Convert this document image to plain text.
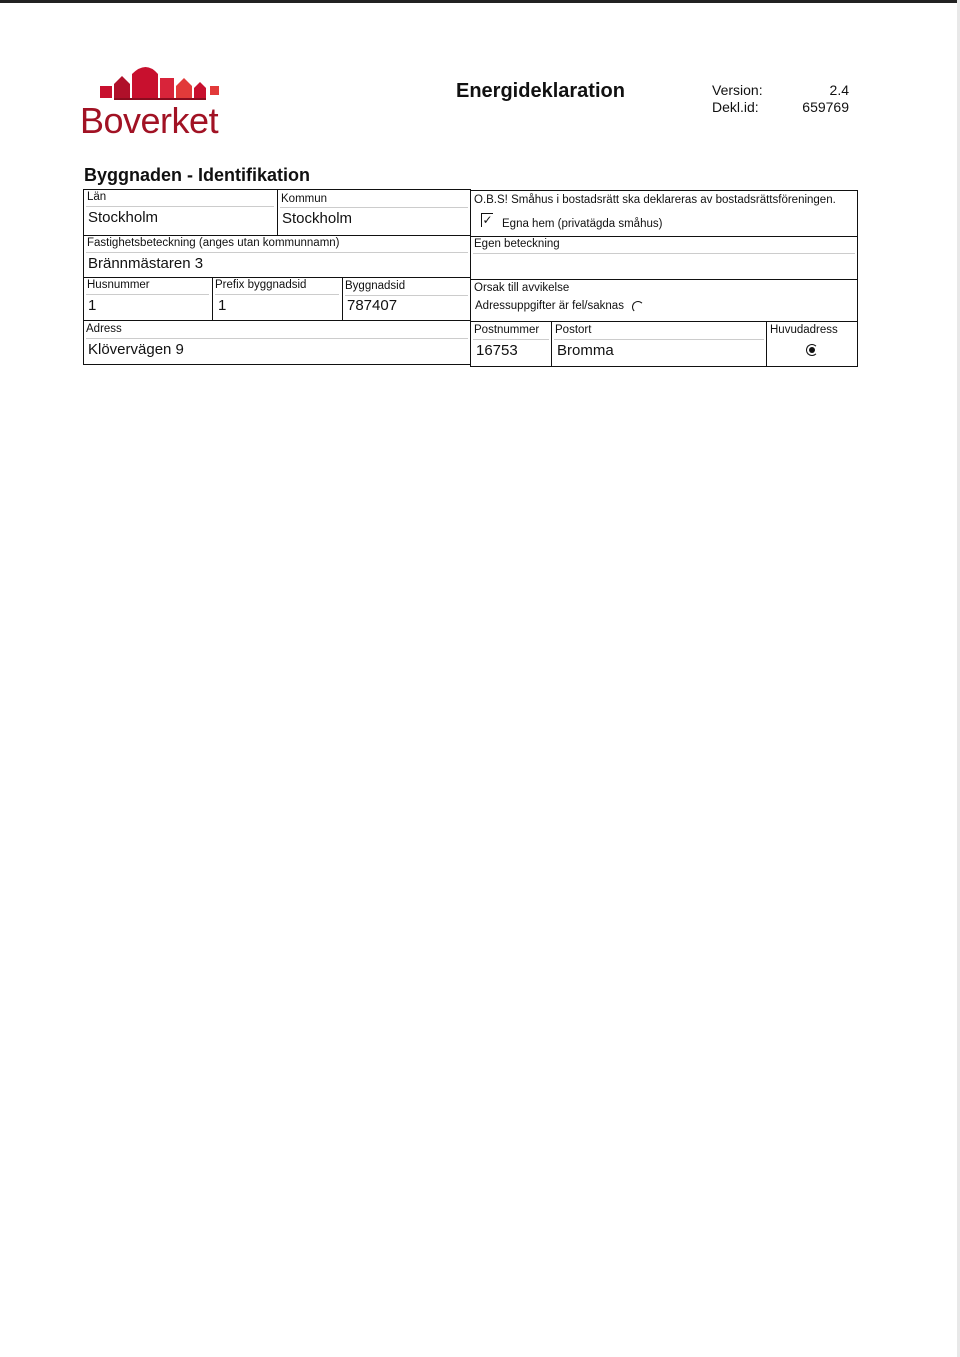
Boverket
Energideklaration	Version:	2.4
Dekl.id:	659769
Byggnaden - Identifikation
Län
Stockholm
Kommun
Stockholm
Fastighetsbeteckning (anges utan kommunnamn)
Brännmästaren 3
Husnummer
1
Prefix byggnadsid
1
Byggnadsid
787407
Adress
Klövervägen 9
O.B.S! Småhus i bostadsrätt ska deklareras av bostadsrättsföreningen.
✓ Egna hem (privatägda småhus)
Egen beteckning
Orsak till avvikelse
Adressuppgifter är fel/saknas
Postnummer
16753
Postort
Bromma
Huvudadress
